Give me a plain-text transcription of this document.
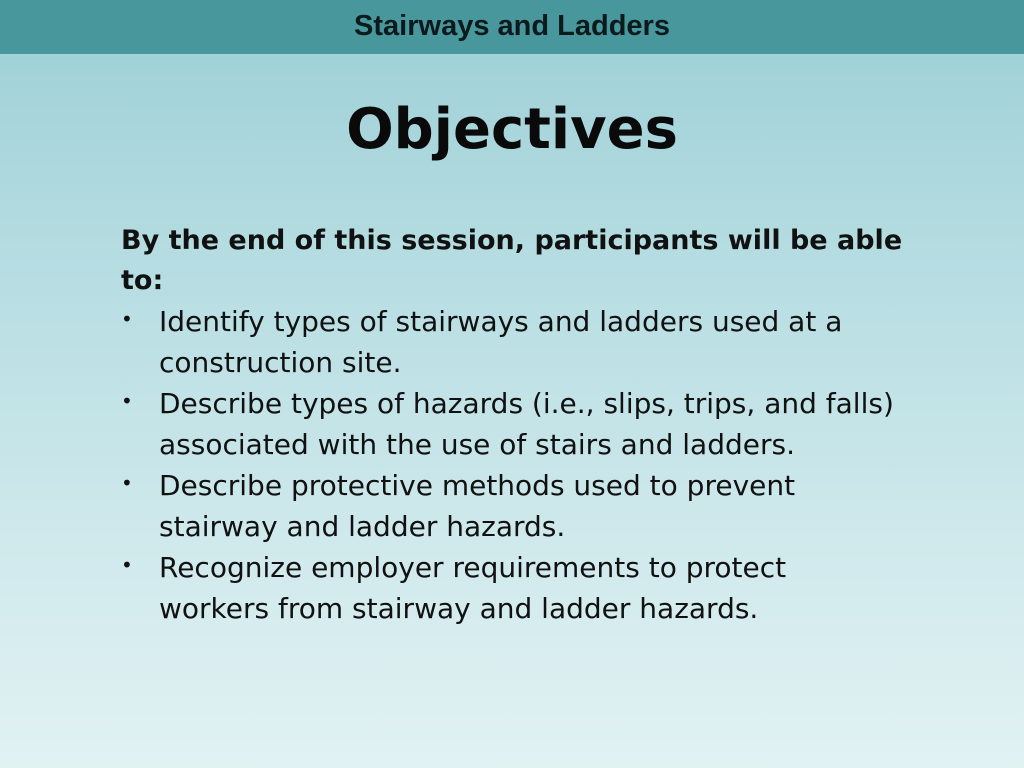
Stairways and Ladders
Objectives

By the end of this session, participants will be able to:

• Identify types of stairways and ladders used at a construction site.
• Describe types of hazards (i.e., slips, trips, and falls) associated with the use of stairs and ladders.
• Describe protective methods used to prevent stairway and ladder hazards.
• Recognize employer requirements to protect workers from stairway and ladder hazards.
